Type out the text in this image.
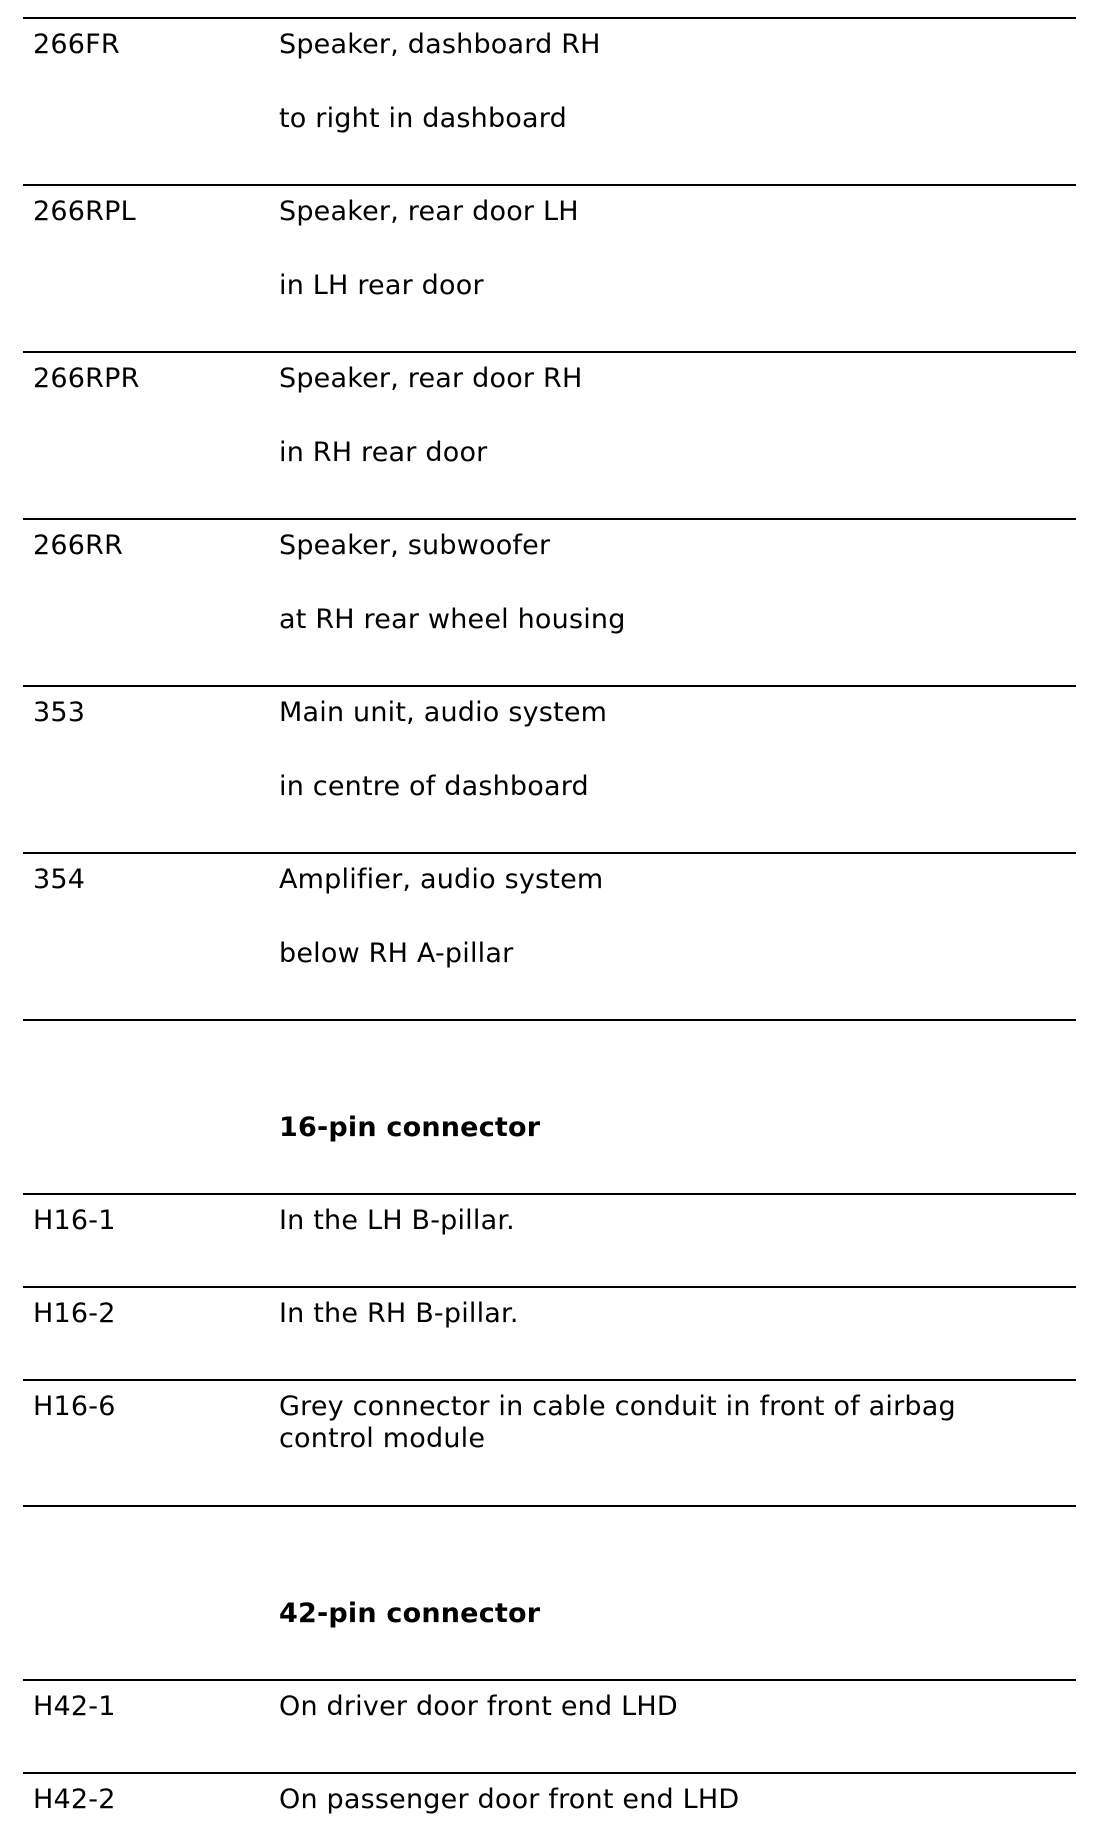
266FR	Speaker, dashboard RH
to right in dashboard
266RPL	Speaker, rear door LH
in LH rear door
266RPR	Speaker, rear door RH
in RH rear door
266RR	Speaker, subwoofer
at RH rear wheel housing
353	Main unit, audio system
in centre of dashboard
354	Amplifier, audio system
below RH A-pillar
16-pin connector
H16-1	In the LH B-pillar.
H16-2	In the RH B-pillar.
H16-6	Grey connector in cable conduit in front of airbag control module
42-pin connector
H42-1	On driver door front end LHD
H42-2	On passenger door front end LHD
